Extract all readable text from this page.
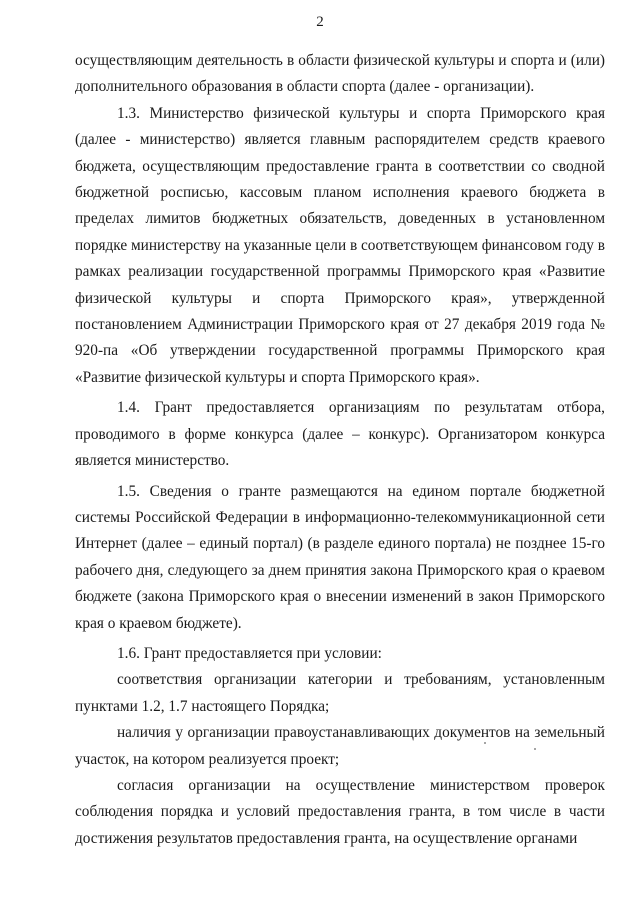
2

осуществляющим деятельность в области физической культуры и спорта и (или) дополнительного образования в области спорта (далее - организации).

1.3. Министерство физической культуры и спорта Приморского края (далее - министерство) является главным распорядителем средств краевого бюджета, осуществляющим предоставление гранта в соответствии со сводной бюджетной росписью, кассовым планом исполнения краевого бюджета в пределах лимитов бюджетных обязательств, доведенных в установленном порядке министерству на указанные цели в соответствующем финансовом году в рамках реализации государственной программы Приморского края «Развитие физической культуры и спорта Приморского края», утвержденной постановлением Администрации Приморского края от 27 декабря 2019 года № 920-па «Об утверждении государственной программы Приморского края «Развитие физической культуры и спорта Приморского края».

1.4. Грант предоставляется организациям по результатам отбора, проводимого в форме конкурса (далее – конкурс). Организатором конкурса является министерство.

1.5. Сведения о гранте размещаются на едином портале бюджетной системы Российской Федерации в информационно-телекоммуникационной сети Интернет (далее – единый портал) (в разделе единого портала) не позднее 15-го рабочего дня, следующего за днем принятия закона Приморского края о краевом бюджете (закона Приморского края о внесении изменений в закон Приморского края о краевом бюджете).

1.6. Грант предоставляется при условии:

соответствия организации категории и требованиям, установленным пунктами 1.2, 1.7 настоящего Порядка;

наличия у организации правоустанавливающих документов на земельный участок, на котором реализуется проект;

согласия организации на осуществление министерством проверок соблюдения порядка и условий предоставления гранта, в том числе в части достижения результатов предоставления гранта, на осуществление органами
